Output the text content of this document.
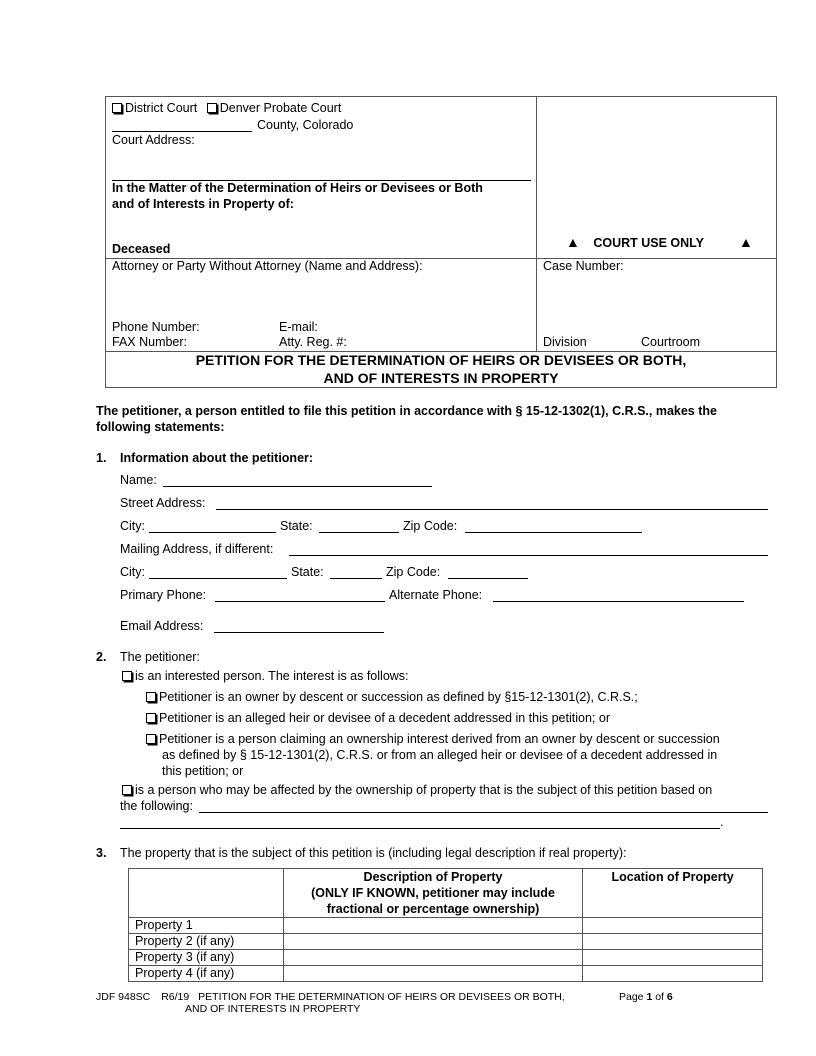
District Court Denver Probate Court
County, Colorado
Court Address:
In the Matter of the Determination of Heirs or Devisees or Both
and of Interests in Property of:
Deceased	▲ COURT USE ONLY	▲
Attorney or Party Without Attorney (Name and Address):	Case Number:
Phone Number:	E-mail:
FAX Number:	Atty. Reg. #:	Division	Courtroom
PETITION FOR THE DETERMINATION OF HEIRS OR DEVISEES OR BOTH,
AND OF INTERESTS IN PROPERTY
The petitioner, a person entitled to file this petition in accordance with § 15-12-1302(1), C.R.S., makes the
following statements:
1. Information about the petitioner:
Name:
Street Address:
City:	State:	Zip Code:
Mailing Address, if different:
City:	State:	Zip Code:
Primary Phone:	Alternate Phone:
Email Address:
2. The petitioner:
is an interested person. The interest is as follows:
Petitioner is an owner by descent or succession as defined by §15-12-1301(2), C.R.S.;
Petitioner is an alleged heir or devisee of a decedent addressed in this petition; or
Petitioner is a person claiming an ownership interest derived from an owner by descent or succession
as defined by § 15-12-1301(2), C.R.S. or from an alleged heir or devisee of a decedent addressed in
this petition; or
is a person who may be affected by the ownership of property that is the subject of this petition based on
the following:
.
3. The property that is the subject of this petition is (including legal description if real property):

	Description of Property
(ONLY IF KNOWN, petitioner may include
fractional or percentage ownership)	Location of Property
Property 1		
Property 2 (if any)		
Property 3 (if any)		
Property 4 (if any)		
JDF 948SC R6/19 PETITION FOR THE DETERMINATION OF HEIRS OR DEVISEES OR BOTH,
AND OF INTERESTS IN PROPERTY
Page 1 of 6
